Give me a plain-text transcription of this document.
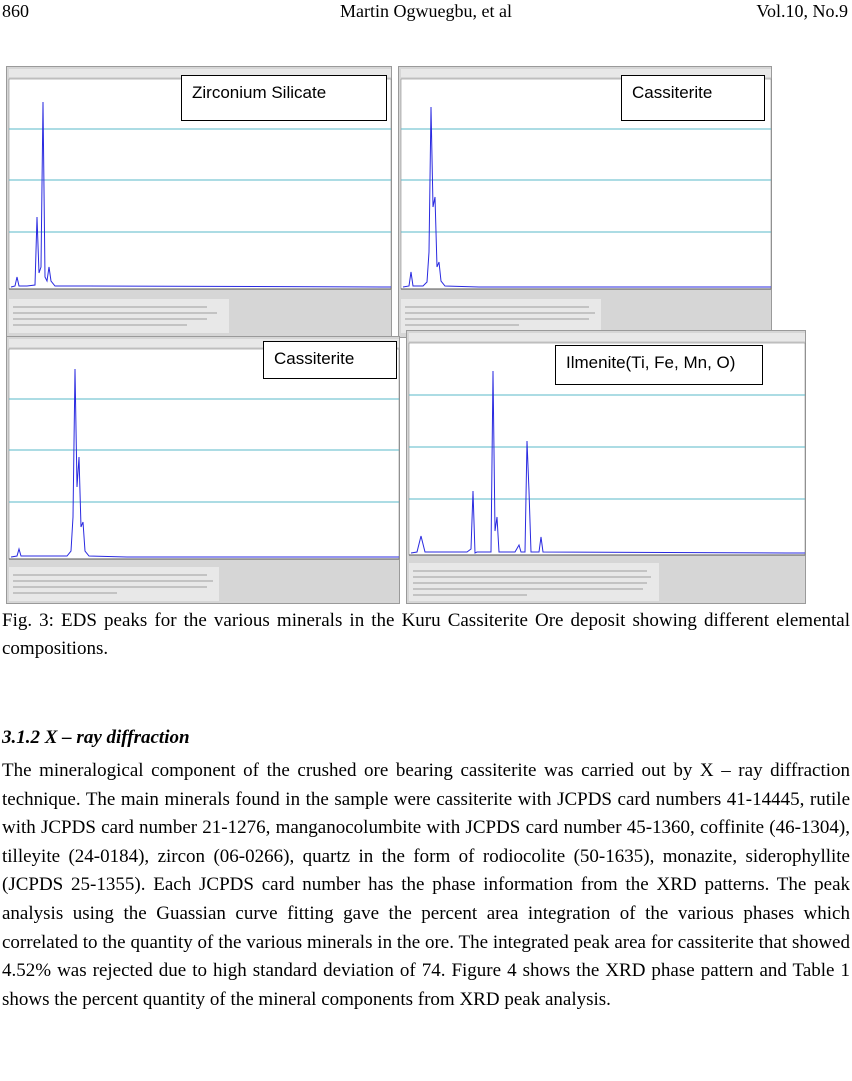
860	Martin Ogwuegbu, et al	Vol.10, No.9
Zirconium Silicate	Cassiterite
Cassiterite	Ilmenite(Ti, Fe, Mn, O)
Fig. 3: EDS peaks for the various minerals in the Kuru Cassiterite Ore deposit showing different elemental compositions.
3.1.2 X – ray diffraction
The mineralogical component of the crushed ore bearing cassiterite was carried out by X – ray diffraction technique. The main minerals found in the sample were cassiterite with JCPDS card numbers 41-14445, rutile with JCPDS card number 21-1276, manganocolumbite with JCPDS card number 45-1360, coffinite (46-1304), tilleyite (24-0184), zircon (06-0266), quartz in the form of rodiocolite (50-1635), monazite, siderophyllite (JCPDS 25-1355). Each JCPDS card number has the phase information from the XRD patterns. The peak analysis using the Guassian curve fitting gave the percent area integration of the various phases which correlated to the quantity of the various minerals in the ore. The integrated peak area for cassiterite that showed 4.52% was rejected due to high standard deviation of 74. Figure 4 shows the XRD phase pattern and Table 1 shows the percent quantity of the mineral components from XRD peak analysis.
